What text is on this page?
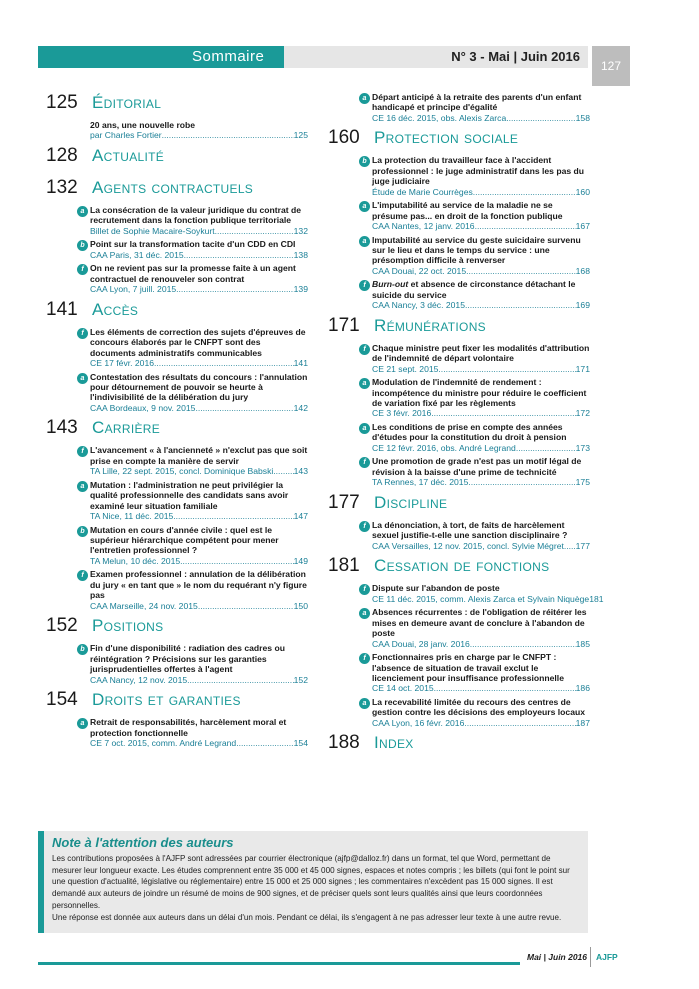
Sommaire	N° 3 - Mai | Juin 2016
127
125 Éditorial
20 ans, une nouvelle robe
par Charles Fortier .....	125
128 Actualité
132 Agents contractuels
a La consécration de la valeur juridique du contrat de recrutement dans la fonction publique territoriale
Billet de Sophie Macaire-Soykurt .....	132
b Point sur la transformation tacite d'un CDD en CDI
CAA Paris, 31 déc. 2015 .....	138
f On ne revient pas sur la promesse faite à un agent contractuel de renouveler son contrat
CAA Lyon, 7 juill. 2015 .....	139
141 Accès
f Les éléments de correction des sujets d'épreuves de concours élaborés par le CNFPT sont des documents administratifs communicables
CE 17 févr. 2016 .....	141
a Contestation des résultats du concours : l'annulation pour détournement de pouvoir se heurte à l'indivisibilité de la délibération du jury
CAA Bordeaux, 9 nov. 2015 .....	142
143 Carrière
f L'avancement « à l'ancienneté » n'exclut pas que soit prise en compte la manière de servir
TA Lille, 22 sept. 2015, concl. Dominique Babski ..... 143
a Mutation : l'administration ne peut privilégier la qualité professionnelle des candidats sans avoir examiné leur situation familiale
TA Nice, 11 déc. 2015 .....	147
b Mutation en cours d'année civile : quel est le supérieur hiérarchique compétent pour mener l'entretien professionnel ?
TA Melun, 10 déc. 2015 .....	149
f Examen professionnel : annulation de la délibération du jury « en tant que » le nom du requérant n'y figure pas
CAA Marseille, 24 nov. 2015 .....	150
152 Positions
b Fin d'une disponibilité : radiation des cadres ou réintégration ? Précisions sur les garanties jurisprudentielles offertes à l'agent
CAA Nancy, 12 nov. 2015 .....	152
154 Droits et garanties
a Retrait de responsabilités, harcèlement moral et protection fonctionnelle
CE 7 oct. 2015, comm. André Legrand .....	154
a Départ anticipé à la retraite des parents d'un enfant handicapé et principe d'égalité
CE 16 déc. 2015, obs. Alexis Zarca .....	158
160 Protection sociale
b La protection du travailleur face à l'accident professionnel : le juge administratif dans les pas du juge judiciaire
Étude de Marie Courrèges .....	160
a L'imputabilité au service de la maladie ne se présume pas... en droit de la fonction publique
CAA Nantes, 12 janv. 2016 .....	167
a Imputabilité au service du geste suicidaire survenu sur le lieu et dans le temps du service : une présomption difficile à renverser
CAA Douai, 22 oct. 2015 .....	168
f Burn-out et absence de circonstance détachant le suicide du service
CAA Nancy, 3 déc. 2015 .....	169
171 Rémunérations
f Chaque ministre peut fixer les modalités d'attribution de l'indemnité de départ volontaire
CE 21 sept. 2015 .....	171
a Modulation de l'indemnité de rendement : incompétence du ministre pour réduire le coefficient de variation fixé par les règlements
CE 3 févr. 2016 .....	172
a Les conditions de prise en compte des années d'études pour la constitution du droit à pension
CE 12 févr. 2016, obs. André Legrand .....	173
f Une promotion de grade n'est pas un motif légal de révision à la baisse d'une prime de technicité
TA Rennes, 17 déc. 2015 .....	175
177 Discipline
f La dénonciation, à tort, de faits de harcèlement sexuel justifie-t-elle une sanction disciplinaire ?
CAA Versailles, 12 nov. 2015, concl. Sylvie Mégret ..... 177
181 Cessation de fonctions
f Dispute sur l'abandon de poste
CE 11 déc. 2015, comm. Alexis Zarca et Sylvain Niquège 181
a Absences récurrentes : de l'obligation de réitérer les mises en demeure avant de conclure à l'abandon de poste
CAA Douai, 28 janv. 2016 .....	185
f Fonctionnaires pris en charge par le CNFPT : l'absence de situation de travail exclut le licenciement pour insuffisance professionnelle
CE 14 oct. 2015 .....	186
a La recevabilité limitée du recours des centres de gestion contre les décisions des employeurs locaux
CAA Lyon, 16 févr. 2016 .....	187
188 Index
Note à l'attention des auteurs

Les contributions proposées à l'AJFP sont adressées par courrier électronique (ajfp@dalloz.fr) dans un format, tel que Word, permettant de mesurer leur longueur exacte. Les études comprennent entre 35 000 et 45 000 signes, espaces et notes compris ; les billets (qui font le point sur une question d'actualité, législative ou réglementaire) entre 15 000 et 25 000 signes ; les commentaires n'excèdent pas 15 000 signes. Il est demandé aux auteurs de joindre un résumé de moins de 900 signes, et de préciser quels sont leurs qualités ainsi que leurs coordonnées personnelles.

Une réponse est donnée aux auteurs dans un délai d'un mois. Pendant ce délai, ils s'engagent à ne pas adresser leur texte à une autre revue.

Mai | Juin 2016 AJFP
